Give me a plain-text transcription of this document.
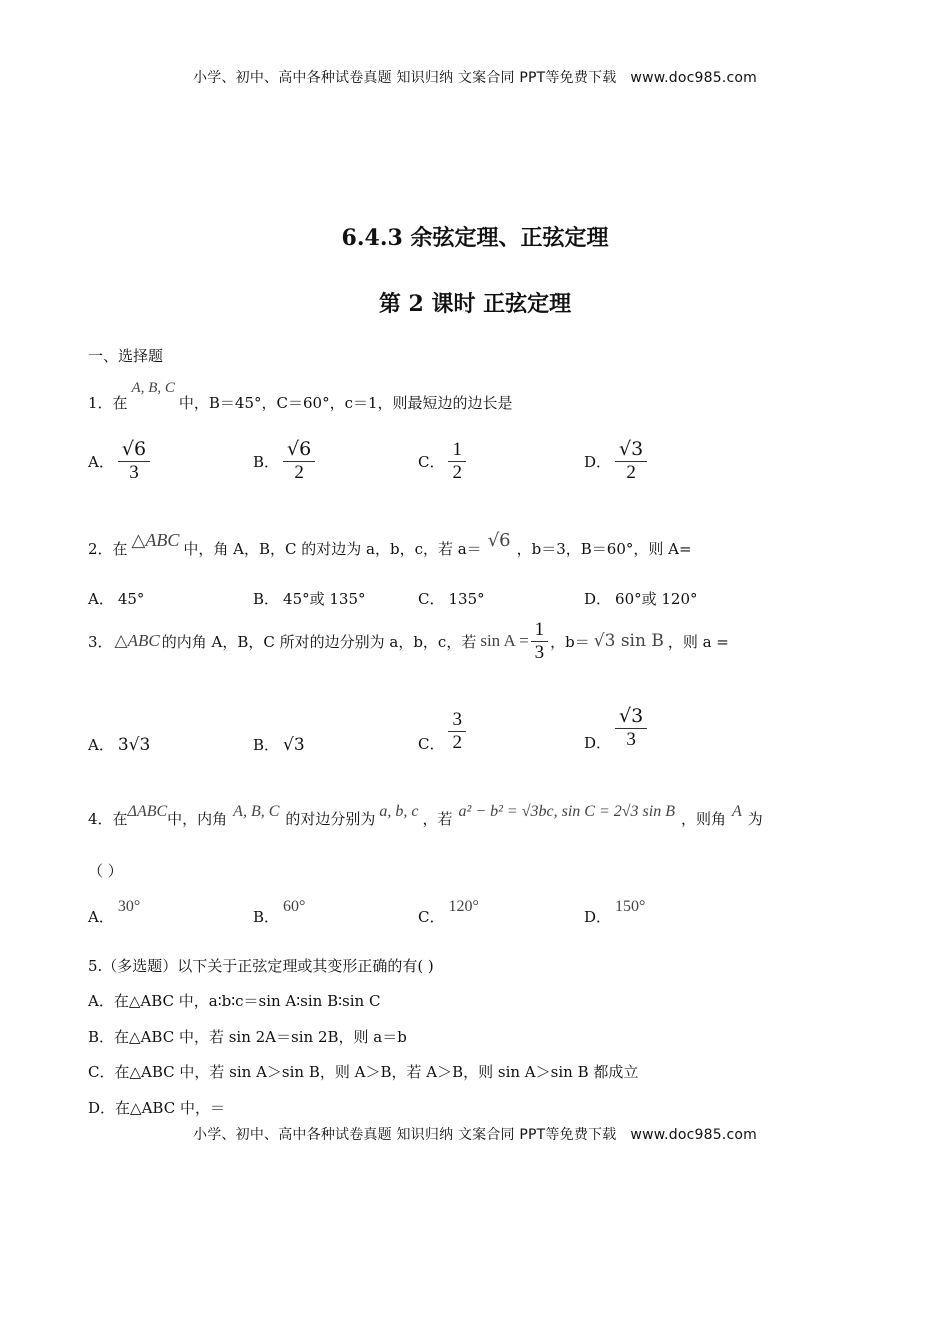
小学、初中、高中各种试卷真题 知识归纳 文案合同 PPT等免费下载 www.doc985.com
6.4.3 余弦定理、正弦定理
第 2 课时 正弦定理
一、选择题
1．在A, B, C中，B＝45°，C＝60°，c＝1，则最短边的边长是
A． $\frac{√6}{3}$	B． $\frac{√6}{2}$	C． $\frac{1}{2}$	D． $\frac{√3}{2}$
2．在 △ABC 中，角 A，B，C 的对边为 a，b，c，若 a＝ √6 ，b＝3，B＝60°，则 A=
A． 45°	B． 45°或 135°	C． 135°	D． 60°或 120°
3． △ABC 的内角 A，B，C 所对的边分别为 a，b，c，若 $\sin A = \frac{1}{3}$ ，b＝ √3 sin B ，则 a =
A． 3√3	B． √3	C． $\frac{3}{2}$	D． $\frac{√3}{3}$
4．在ΔABC中，内角 A, B, C 的对边分别为 a, b, c ，若 a² − b² = √3bc, sin C = 2√3 sin B ，则角 A 为
（ ）
A．
30°
B．
60°
C．
120°
D．
150°
5.（多选题）以下关于正弦定理或其变形正确的有( )
A．在△ABC 中，a∶b∶c＝sin A∶sin B∶sin C
B．在△ABC 中，若 sin 2A＝sin 2B，则 a＝b
C．在△ABC 中，若 sin A＞sin B，则 A＞B，若 A＞B，则 sin A＞sin B 都成立
D．在△ABC 中，＝
小学、初中、高中各种试卷真题 知识归纳 文案合同 PPT等免费下载 www.doc985.com
